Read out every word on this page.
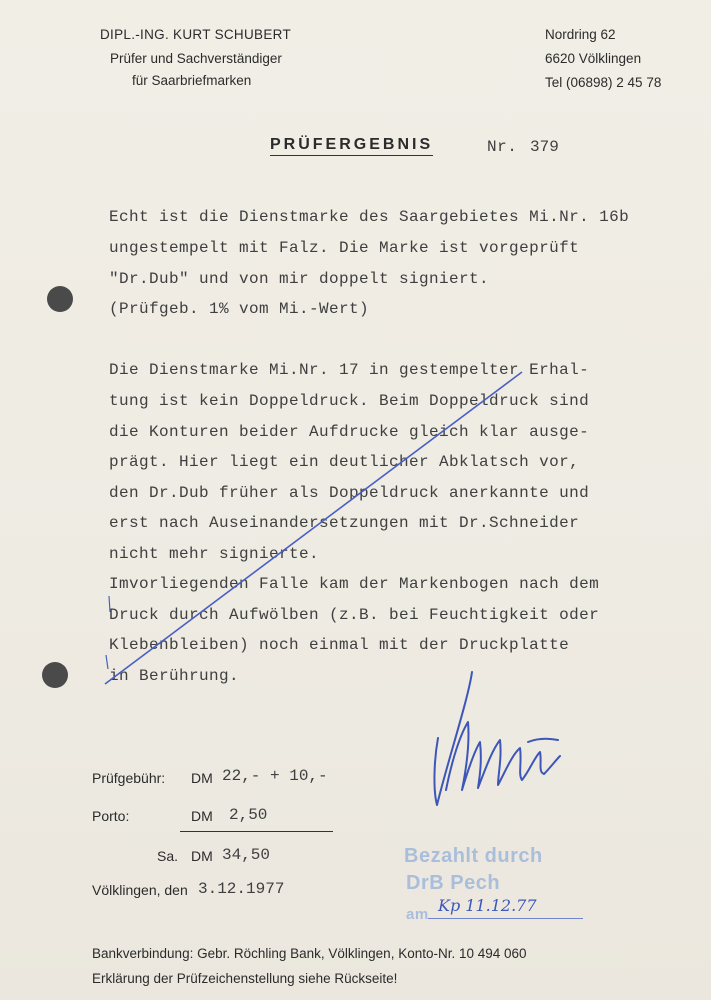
DIPL.-ING. KURT SCHUBERT
Prüfer und Sachverständiger
für Saarbriefmarken
Nordring 62
6620 Völklingen
Tel (06898) 2 45 78
PRÜFERGEBNIS	Nr. 379
Echt ist die Dienstmarke des Saargebietes Mi.Nr. 16b
ungestempelt mit Falz. Die Marke ist vorgeprüft
"Dr.Dub" und von mir doppelt signiert.
(Prüfgeb. 1% vom Mi.-Wert)
Die Dienstmarke Mi.Nr. 17 in gestempelter Erhal-
tung ist kein Doppeldruck. Beim Doppeldruck sind
die Konturen beider Aufdrucke gleich klar ausge-
prägt. Hier liegt ein deutlicher Abklatsch vor,
den Dr.Dub früher als Doppeldruck anerkannte und
erst nach Auseinandersetzungen mit Dr.Schneider
nicht mehr signierte.
Imvorliegenden Falle kam der Markenbogen nach dem
Druck durch Aufwölben (z.B. bei Feuchtigkeit oder
Klebenbleiben) noch einmal mit der Druckplatte
in Berührung.
Prüfgebühr: DM 22,- + 10,-
Porto:	DM 2,50
Sa. DM 34,50
Völklingen, den 3.12.1977
Bezahlt durch
DrB Pech
am Kp 11.12.77
Bankverbindung: Gebr. Röchling Bank, Völklingen, Konto-Nr. 10 494 060
Erklärung der Prüfzeichenstellung siehe Rückseite!
